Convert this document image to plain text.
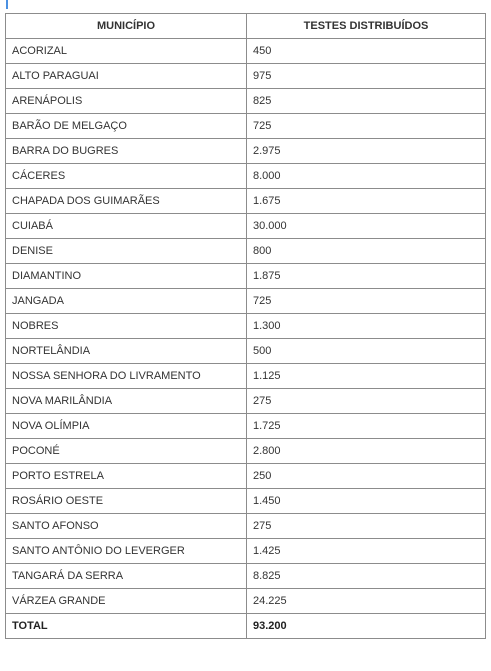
MUNICÍPIO	TESTES DISTRIBUÍDOS
ACORIZAL	450
ALTO PARAGUAI	975
ARENÁPOLIS	825
BARÃO DE MELGAÇO	725
BARRA DO BUGRES	2.975
CÁCERES	8.000
CHAPADA DOS GUIMARÃES	1.675
CUIABÁ	30.000
DENISE	800
DIAMANTINO	1.875
JANGADA	725
NOBRES	1.300
NORTELÂNDIA	500
NOSSA SENHORA DO LIVRAMENTO	1.125
NOVA MARILÂNDIA	275
NOVA OLÍMPIA	1.725
POCONÉ	2.800
PORTO ESTRELA	250
ROSÁRIO OESTE	1.450
SANTO AFONSO	275
SANTO ANTÔNIO DO LEVERGER	1.425
TANGARÁ DA SERRA	8.825
VÁRZEA GRANDE	24.225
TOTAL	93.200
